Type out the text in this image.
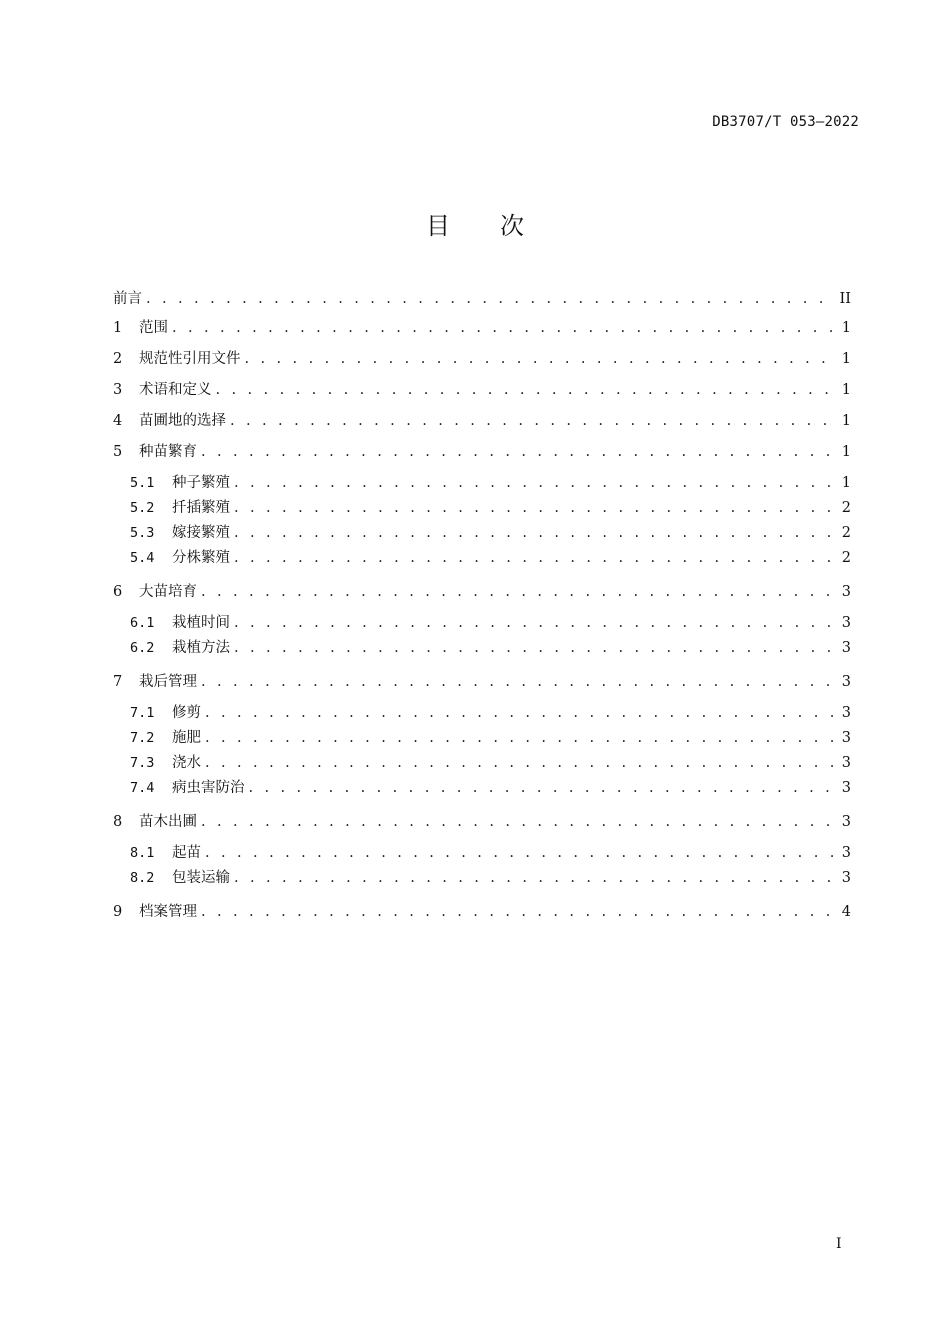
DB3707/T 053—2022
目 次
前言 . . .	II
1	范围 . . .	1
2	规范性引用文件 . . .	1
3	术语和定义 . . .	1
4	苗圃地的选择 . . .	1
5	种苗繁育 . . .	1
5.1	种子繁殖 . . .	1
5.2	扦插繁殖 . . .	2
5.3	嫁接繁殖 . . .	2
5.4	分株繁殖 . . .	2
6	大苗培育 . . .	3
6.1	栽植时间 . . .	3
6.2	栽植方法 . . .	3
7	栽后管理 . . .	3
7.1	修剪 . . .	3
7.2	施肥 . . .	3
7.3	浇水 . . .	3
7.4	病虫害防治 . . .	3
8	苗木出圃 . . .	3
8.1	起苗 . . .	3
8.2	包装运输 . . .	3
9	档案管理 . . .	4
I
